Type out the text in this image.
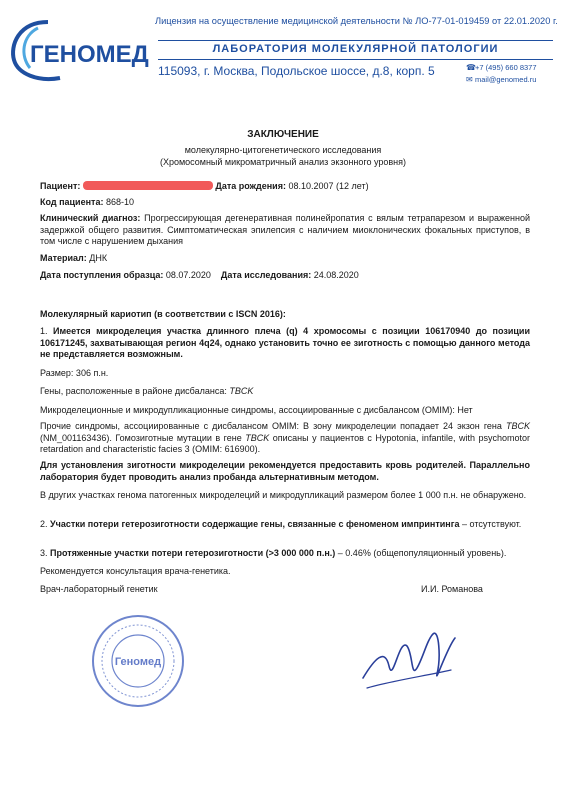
ГЕНОМЕД
Лицензия на осуществление медицинской деятельности № ЛО-77-01-019459 от 22.01.2020 г.
ЛАБОРАТОРИЯ МОЛЕКУЛЯРНОЙ ПАТОЛОГИИ
115093, г. Москва, Подольское шоссе, д.8, корп. 5	☎+7 (495) 660 8377
✉ mail@genomed.ru
ЗАКЛЮЧЕНИЕ
молекулярно-цитогенетического исследования
(Хромосомный микроматричный анализ экзонного уровня)
Пациент:	Дата рождения: 08.10.2007 (12 лет)
Код пациента: 868-10
Клинический диагноз: Прогрессирующая дегенеративная полинейропатия с вялым тетрапарезом и выраженной задержкой общего развития. Симптоматическая эпилепсия с наличием миоклонических фокальных приступов, в том числе с нарушением дыхания
Материал: ДНК
Дата поступления образца: 08.07.2020 Дата исследования: 24.08.2020
Молекулярный кариотип (в соответствии с ISCN 2016):
1. Имеется микроделеция участка длинного плеча (q) 4 хромосомы с позиции 106170940 до позиции 106171245, захватывающая регион 4q24, однако установить точно ее зиготность с помощью данного метода не представляется возможным.
Размер: 306 п.н.
Гены, расположенные в районе дисбаланса: TBCK
Микроделеционные и микродупликационные синдромы, ассоциированные с дисбалансом (OMIM): Нет
Прочие синдромы, ассоциированные с дисбалансом OMIM: В зону микроделеции попадает 24 экзон гена TBCK (NM_001163436). Гомозиготные мутации в гене TBCK описаны у пациентов с Hypotonia, infantile, with psychomotor retardation and characteristic facies 3 (OMIM: 616900).
Для установления зиготности микроделеции рекомендуется предоставить кровь родителей. Параллельно лаборатория будет проводить анализ пробанда альтернативным методом.
В других участках генома патогенных микроделеций и микродупликаций размером более 1 000 п.н. не обнаружено.
2. Участки потери гетерозиготности содержащие гены, связанные с феноменом импринтинга – отсутствуют.
3. Протяженные участки потери гетерозиготности (>3 000 000 п.н.) – 0.46% (общепопуляционный уровень).
Рекомендуется консультация врача-генетика.
Врач-лабораторный генетик	И.И. Романова
Геномед
